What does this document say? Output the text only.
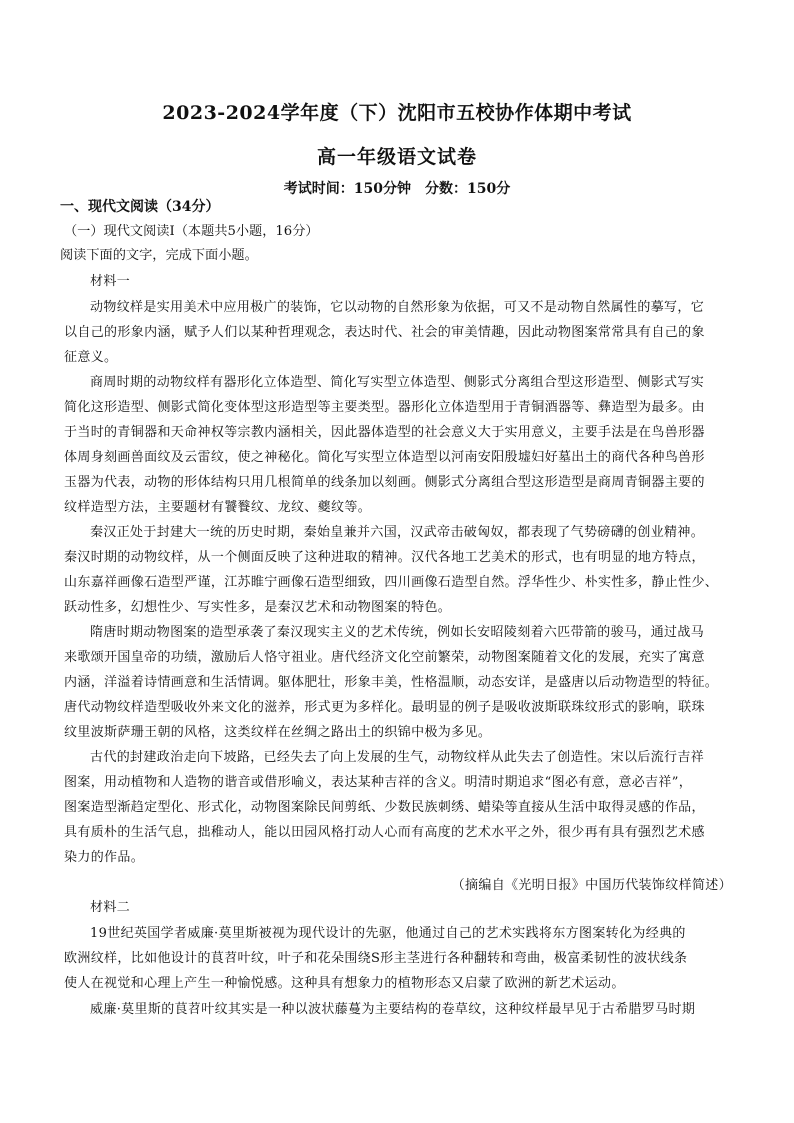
2023-2024学年度（下）沈阳市五校协作体期中考试
高一年级语文试卷
考试时间：150分钟　分数：150分
一、现代文阅读（34分）
（一）现代文阅读Ⅰ（本题共5小题，16分）
阅读下面的文字，完成下面小题。
材料一
动物纹样是实用美术中应用极广的装饰，它以动物的自然形象为依据，可又不是动物自然属性的摹写，它
以自己的形象内涵，赋予人们以某种哲理观念，表达时代、社会的审美情趣，因此动物图案常常具有自己的象
征意义。
商周时期的动物纹样有器形化立体造型、简化写实型立体造型、侧影式分离组合型这形造型、侧影式写实
简化这形造型、侧影式简化变体型这形造型等主要类型。器形化立体造型用于青铜酒器等、彝造型为最多。由
于当时的青铜器和天命神权等宗教内涵相关，因此器体造型的社会意义大于实用意义，主要手法是在鸟兽形器
体周身刻画兽面纹及云雷纹，使之神秘化。简化写实型立体造型以河南安阳殷墟妇好墓出土的商代各种鸟兽形
玉器为代表，动物的形体结构只用几根简单的线条加以刻画。侧影式分离组合型这形造型是商周青铜器主要的
纹样造型方法，主要题材有饕餮纹、龙纹、夔纹等。
秦汉正处于封建大一统的历史时期，秦始皇兼并六国，汉武帝击破匈奴，都表现了气势磅礴的创业精神。
秦汉时期的动物纹样，从一个侧面反映了这种进取的精神。汉代各地工艺美术的形式，也有明显的地方特点，
山东嘉祥画像石造型严谨，江苏睢宁画像石造型细致，四川画像石造型自然。浮华性少、朴实性多，静止性少、
跃动性多，幻想性少、写实性多，是秦汉艺术和动物图案的特色。
隋唐时期动物图案的造型承袭了秦汉现实主义的艺术传统，例如长安昭陵刻着六匹带箭的骏马，通过战马
来歌颂开国皇帝的功绩，激励后人恪守祖业。唐代经济文化空前繁荣，动物图案随着文化的发展，充实了寓意
内涵，洋溢着诗情画意和生活情调。躯体肥壮，形象丰美，性格温顺，动态安详，是盛唐以后动物造型的特征。
唐代动物纹样造型吸收外来文化的滋养，形式更为多样化。最明显的例子是吸收波斯联珠纹形式的影响，联珠
纹里波斯萨珊王朝的风格，这类纹样在丝绸之路出土的织锦中极为多见。
古代的封建政治走向下坡路，已经失去了向上发展的生气，动物纹样从此失去了创造性。宋以后流行吉祥
图案，用动植物和人造物的谐音或借形喻义，表达某种吉祥的含义。明清时期追求“图必有意，意必吉祥”，
图案造型渐趋定型化、形式化，动物图案除民间剪纸、少数民族刺绣、蜡染等直接从生活中取得灵感的作品，
具有质朴的生活气息，拙稚动人，能以田园风格打动人心而有高度的艺术水平之外，很少再有具有强烈艺术感
染力的作品。
（摘编自《光明日报》中国历代装饰纹样简述）
材料二
19世纪英国学者威廉·莫里斯被视为现代设计的先驱，他通过自己的艺术实践将东方图案转化为经典的
欧洲纹样，比如他设计的茛苕叶纹，叶子和花朵围绕S形主茎进行各种翻转和弯曲，极富柔韧性的波状线条
使人在视觉和心理上产生一种愉悦感。这种具有想象力的植物形态又启蒙了欧洲的新艺术运动。
威廉·莫里斯的茛苕叶纹其实是一种以波状藤蔓为主要结构的卷草纹，这种纹样最早见于古希腊罗马时期
